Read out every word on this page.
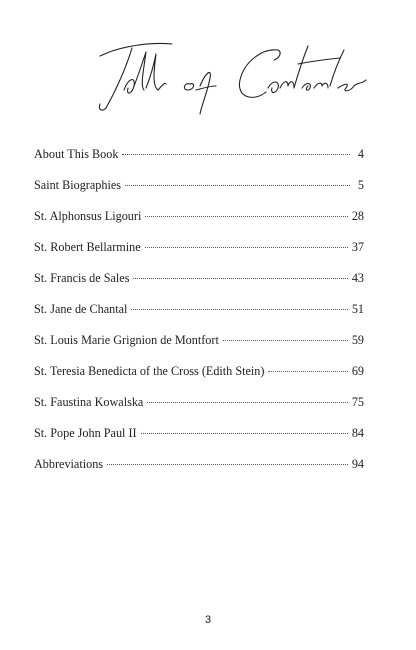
About This Book	4
Saint Biographies	5
St. Alphonsus Ligouri	28
St. Robert Bellarmine	37
St. Francis de Sales	43
St. Jane de Chantal	51
St. Louis Marie Grignion de Montfort	59
St. Teresia Benedicta of the Cross (Edith Stein)	69
St. Faustina Kowalska	75
St. Pope John Paul II	84
Abbreviations	94
3
